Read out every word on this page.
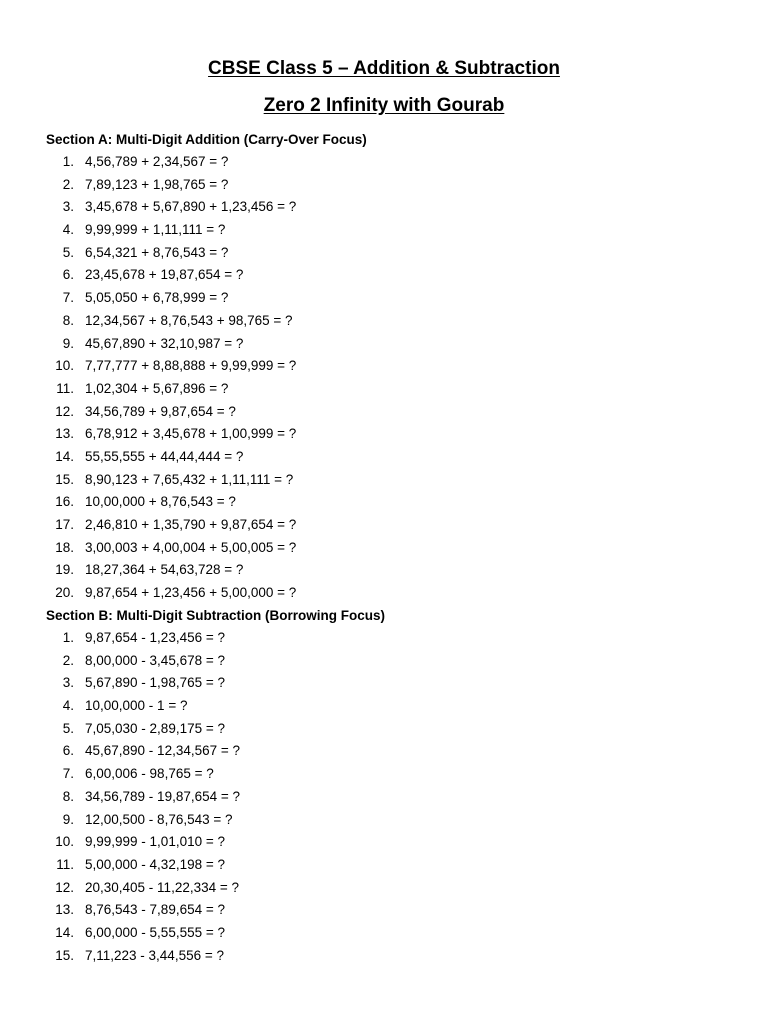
CBSE Class 5 – Addition & Subtraction
Zero 2 Infinity with Gourab
Section A: Multi-Digit Addition (Carry-Over Focus)
1. 4,56,789 + 2,34,567 = ?
2. 7,89,123 + 1,98,765 = ?
3. 3,45,678 + 5,67,890 + 1,23,456 = ?
4. 9,99,999 + 1,11,111 = ?
5. 6,54,321 + 8,76,543 = ?
6. 23,45,678 + 19,87,654 = ?
7. 5,05,050 + 6,78,999 = ?
8. 12,34,567 + 8,76,543 + 98,765 = ?
9. 45,67,890 + 32,10,987 = ?
10. 7,77,777 + 8,88,888 + 9,99,999 = ?
11. 1,02,304 + 5,67,896 = ?
12. 34,56,789 + 9,87,654 = ?
13. 6,78,912 + 3,45,678 + 1,00,999 = ?
14. 55,55,555 + 44,44,444 = ?
15. 8,90,123 + 7,65,432 + 1,11,111 = ?
16. 10,00,000 + 8,76,543 = ?
17. 2,46,810 + 1,35,790 + 9,87,654 = ?
18. 3,00,003 + 4,00,004 + 5,00,005 = ?
19. 18,27,364 + 54,63,728 = ?
20. 9,87,654 + 1,23,456 + 5,00,000 = ?
Section B: Multi-Digit Subtraction (Borrowing Focus)
1. 9,87,654 - 1,23,456 = ?
2. 8,00,000 - 3,45,678 = ?
3. 5,67,890 - 1,98,765 = ?
4. 10,00,000 - 1 = ?
5. 7,05,030 - 2,89,175 = ?
6. 45,67,890 - 12,34,567 = ?
7. 6,00,006 - 98,765 = ?
8. 34,56,789 - 19,87,654 = ?
9. 12,00,500 - 8,76,543 = ?
10. 9,99,999 - 1,01,010 = ?
11. 5,00,000 - 4,32,198 = ?
12. 20,30,405 - 11,22,334 = ?
13. 8,76,543 - 7,89,654 = ?
14. 6,00,000 - 5,55,555 = ?
15. 7,11,223 - 3,44,556 = ?
